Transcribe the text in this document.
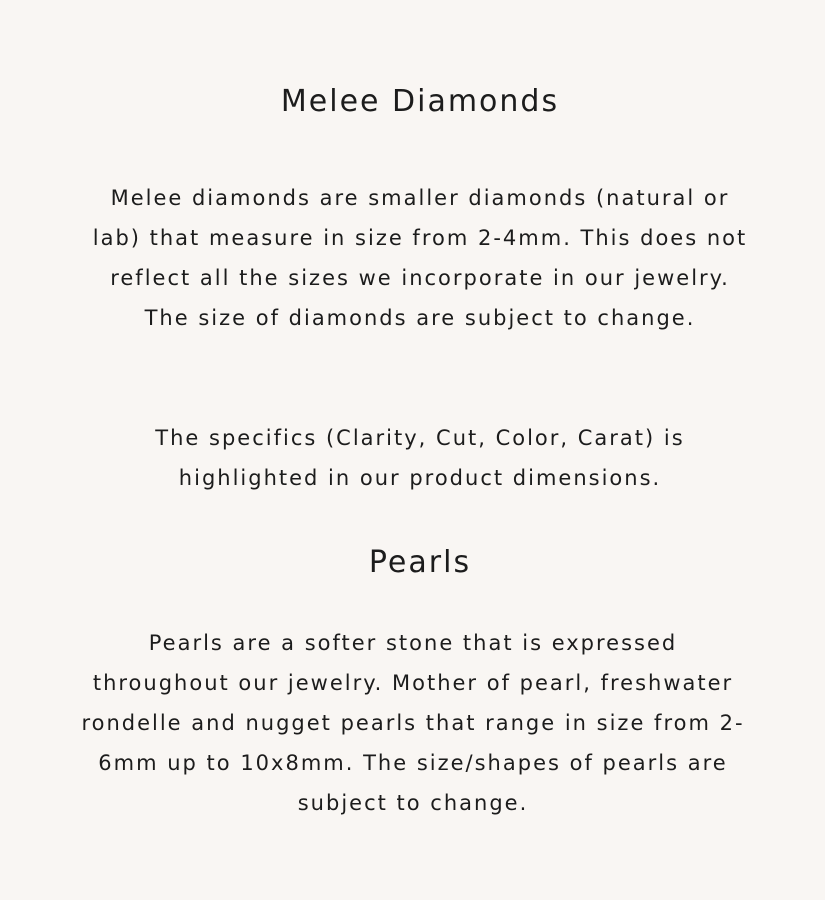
Melee Diamonds

Melee diamonds are smaller diamonds (natural or lab) that measure in size from 2-4mm. This does not reflect all the sizes we incorporate in our jewelry. The size of diamonds are subject to change.

The specifics (Clarity, Cut, Color, Carat) is highlighted in our product dimensions.

Pearls

Pearls are a softer stone that is expressed throughout our jewelry. Mother of pearl, freshwater rondelle and nugget pearls that range in size from 2-6mm up to 10x8mm. The size/shapes of pearls are subject to change.
